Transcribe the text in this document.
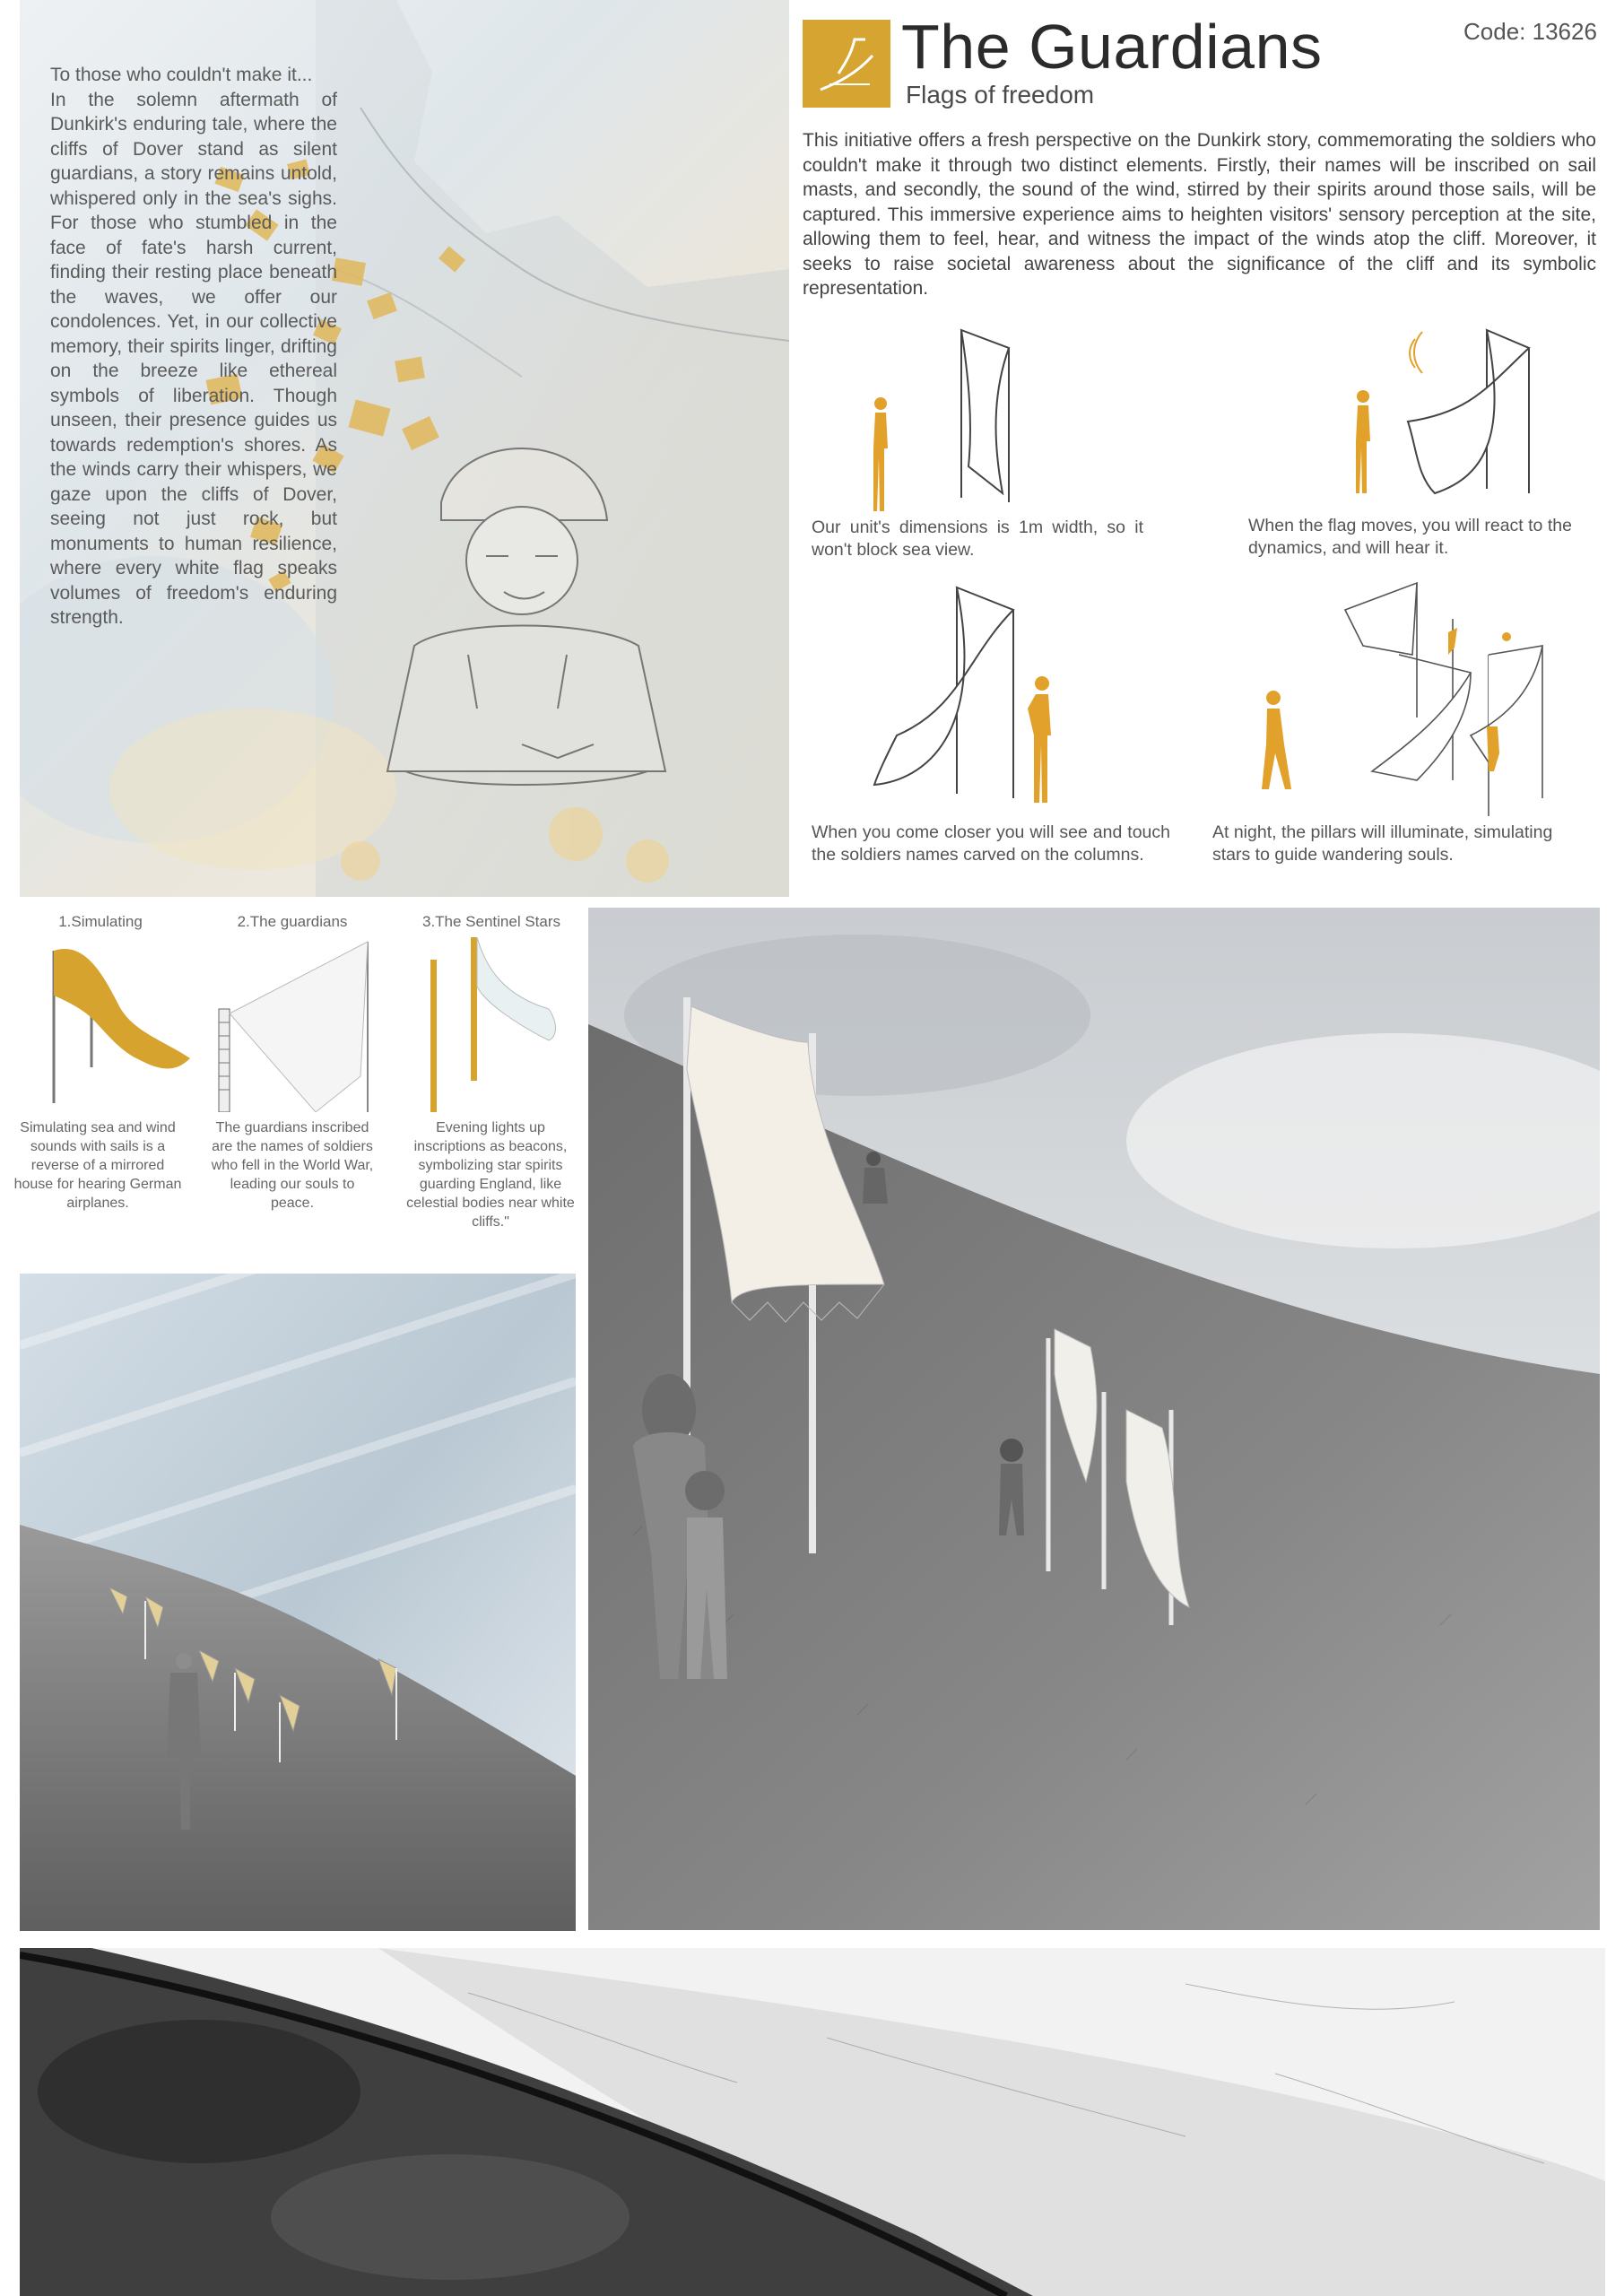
To those who couldn't make it...
In the solemn aftermath of Dunkirk's enduring tale, where the cliffs of Dover stand as silent guardians, a story remains untold, whispered only in the sea's sighs. For those who stumbled in the face of fate's harsh current, finding their resting place beneath the waves, we offer our condolences. Yet, in our collective memory, their spirits linger, drifting on the breeze like ethereal symbols of liberation. Though unseen, their presence guides us towards redemption's shores. As the winds carry their whispers, we gaze upon the cliffs of Dover, seeing not just rock, but monuments to human resilience, where every white flag speaks volumes of freedom's enduring strength.
The Guardians
Flags of freedom
Code: 13626
This initiative offers a fresh perspective on the Dunkirk story, commemorating the soldiers who couldn't make it through two distinct elements. Firstly, their names will be inscribed on sail masts, and secondly, the sound of the wind, stirred by their spirits around those sails, will be captured. This immersive experience aims to heighten visitors' sensory perception at the site, allowing them to feel, hear, and witness the impact of the winds atop the cliff. Moreover, it seeks to raise societal awareness about the significance of the cliff and its symbolic representation.
Our unit's dimensions is 1m width, so it won't block sea view.
When the flag moves, you will react to the dynamics, and will hear it.
When you come closer you will see and touch the soldiers names carved on the columns.
At night, the pillars will illuminate, simulating stars to guide wandering souls.
1.Simulating	2.The guardians	3.The Sentinel Stars
Simulating sea and wind sounds with sails is a reverse of a mirrored house for hearing German airplanes.
The guardians inscribed are the names of soldiers who fell in the World War, leading our souls to peace.
Evening lights up inscriptions as beacons, symbolizing star spirits guarding England, like celestial bodies near white cliffs."
